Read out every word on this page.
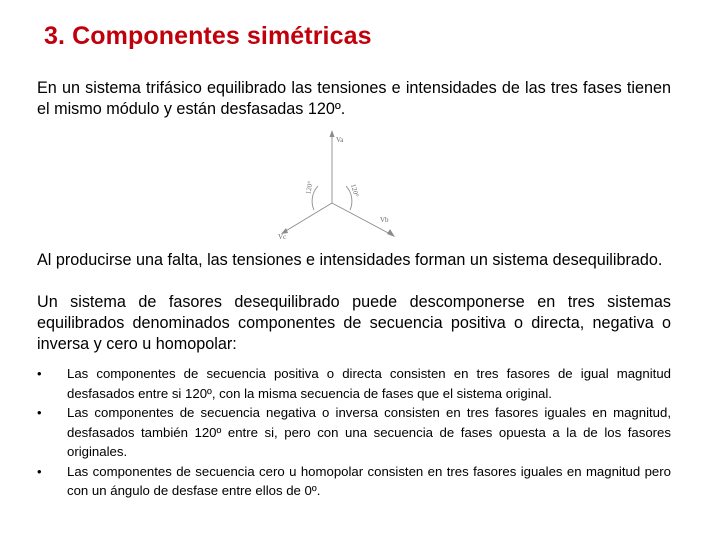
3. Componentes simétricas

En un sistema trifásico equilibrado las tensiones e intensidades de las tres fases tienen el mismo módulo y están desfasadas 120º.

Va
Vb
Vc
120°	120°

Al producirse una falta, las tensiones e intensidades forman un sistema desequilibrado.

Un sistema de fasores desequilibrado puede descomponerse en tres sistemas equilibrados denominados componentes de secuencia positiva o directa, negativa o inversa y cero u homopolar:

• Las componentes de secuencia positiva o directa consisten en tres fasores de igual magnitud desfasados entre si 120º, con la misma secuencia de fases que el sistema original.
• Las componentes de secuencia negativa o inversa consisten en tres fasores iguales en magnitud, desfasados también 120º entre si, pero con una secuencia de fases opuesta a la de los fasores originales.
• Las componentes de secuencia cero u homopolar consisten en tres fasores iguales en magnitud pero con un ángulo de desfase entre ellos de 0º.
